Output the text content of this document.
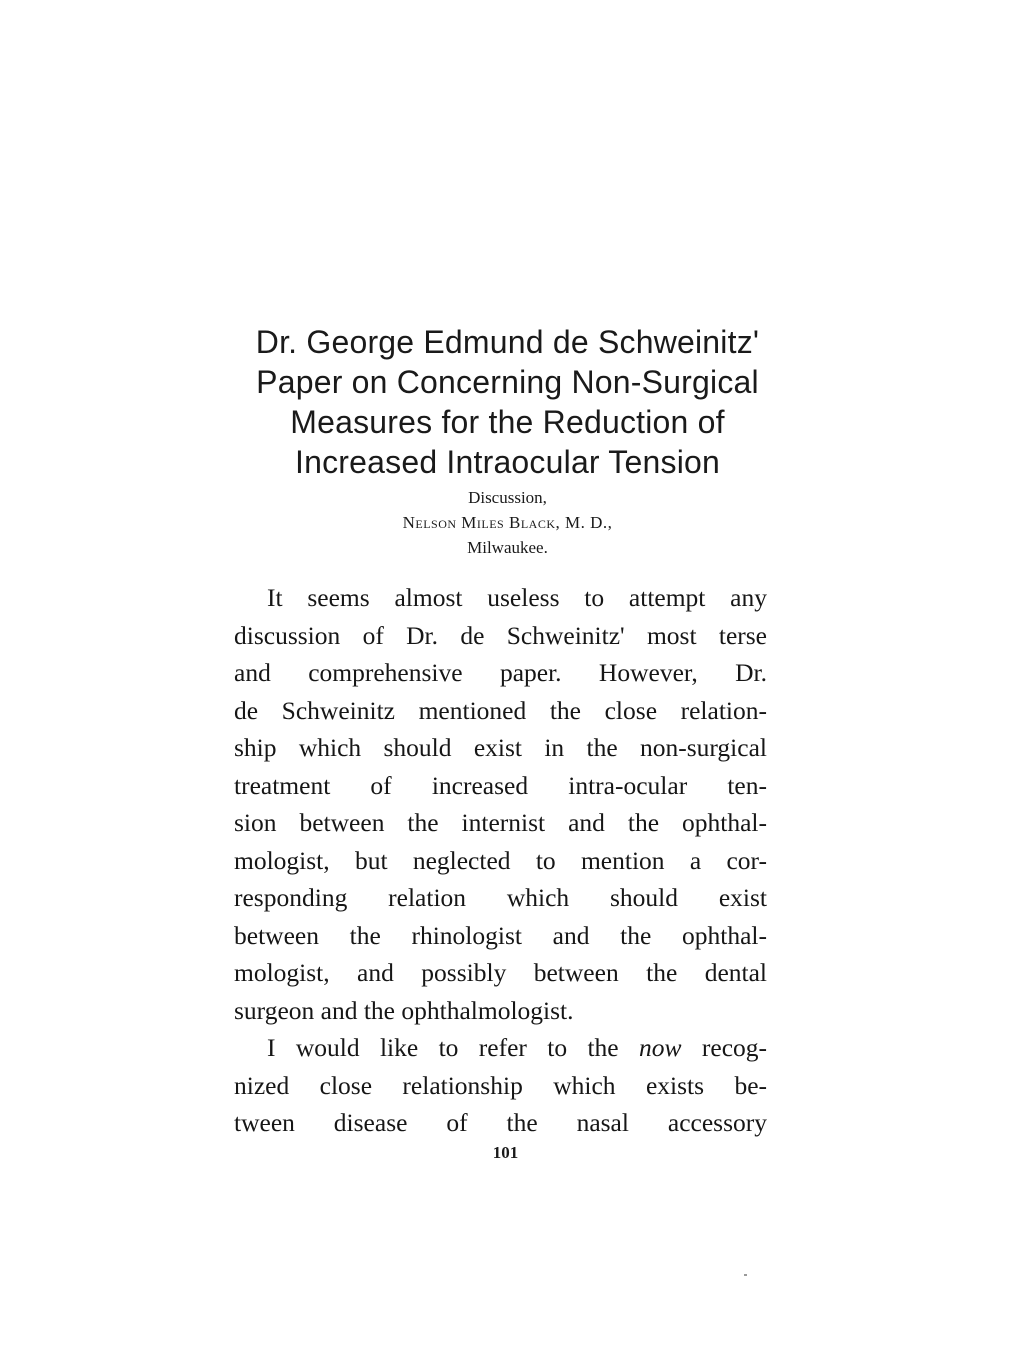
Dr. George Edmund de Schweinitz'
Paper on Concerning Non-Surgical
Measures for the Reduction of
Increased Intraocular Tension
Discussion,
Nelson Miles Black, M. D.,
Milwaukee.
It seems almost useless to attempt any
discussion of Dr. de Schweinitz' most terse
and comprehensive paper. However, Dr.
de Schweinitz mentioned the close relation-
ship which should exist in the non-surgical
treatment of increased intra-ocular ten-
sion between the internist and the ophthal-
mologist, but neglected to mention a cor-
responding relation which should exist
between the rhinologist and the ophthal-
mologist, and possibly between the dental
surgeon and the ophthalmologist.
I would like to refer to the now recog-
nized close relationship which exists be-
tween disease of the nasal accessory
101
